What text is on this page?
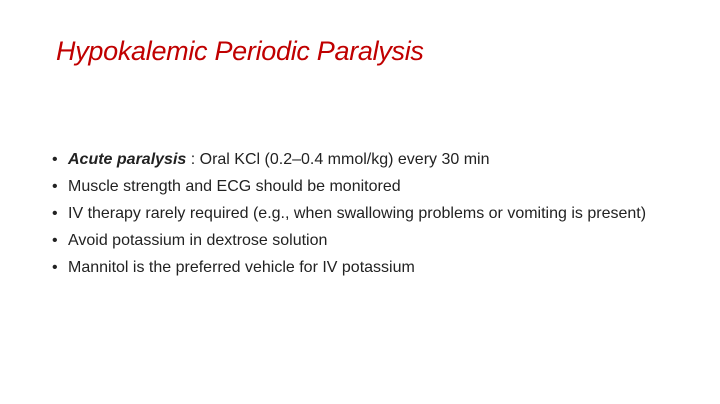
Hypokalemic Periodic Paralysis
• Acute paralysis : Oral KCl (0.2–0.4 mmol/kg) every 30 min
• Muscle strength and ECG should be monitored
• IV therapy rarely required (e.g., when swallowing problems or vomiting is present)
• Avoid potassium in dextrose solution
• Mannitol is the preferred vehicle for IV potassium
